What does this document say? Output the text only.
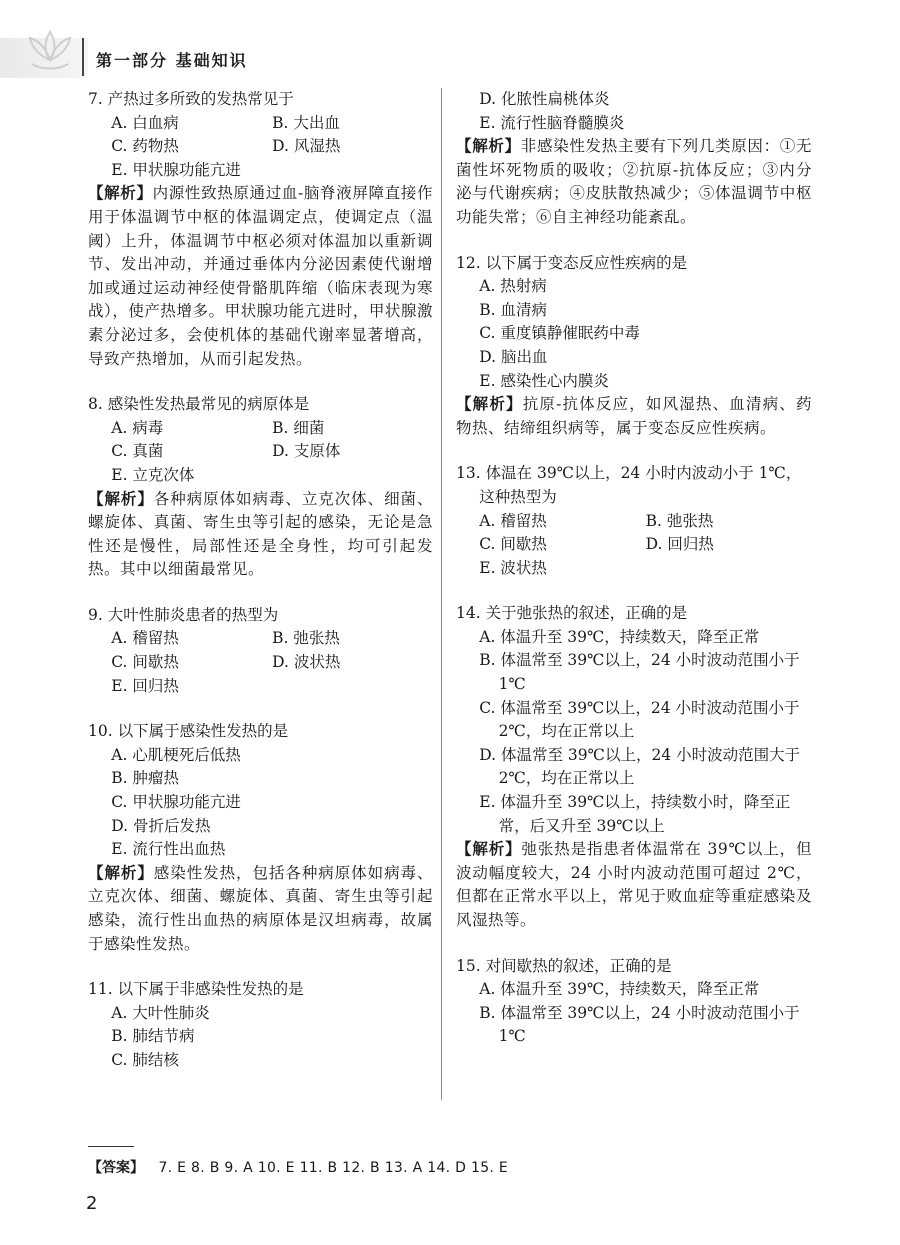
第一部分 基础知识
7. 产热过多所致的发热常见于
A. 白血病	B. 大出血
C. 药物热	D. 风湿热
E. 甲状腺功能亢进
【解析】内源性致热原通过血-脑脊液屏障直接作用于体温调节中枢的体温调定点，使调定点（温阈）上升，体温调节中枢必须对体温加以重新调节、发出冲动，并通过垂体内分泌因素使代谢增加或通过运动神经使骨骼肌阵缩（临床表现为寒战），使产热增多。甲状腺功能亢进时，甲状腺激素分泌过多，会使机体的基础代谢率显著增高，导致产热增加，从而引起发热。
8. 感染性发热最常见的病原体是
A. 病毒	B. 细菌
C. 真菌	D. 支原体
E. 立克次体
【解析】各种病原体如病毒、立克次体、细菌、螺旋体、真菌、寄生虫等引起的感染，无论是急性还是慢性，局部性还是全身性，均可引起发热。其中以细菌最常见。
9. 大叶性肺炎患者的热型为
A. 稽留热	B. 弛张热
C. 间歇热	D. 波状热
E. 回归热
10. 以下属于感染性发热的是
A. 心肌梗死后低热
B. 肿瘤热
C. 甲状腺功能亢进
D. 骨折后发热
E. 流行性出血热
【解析】感染性发热，包括各种病原体如病毒、立克次体、细菌、螺旋体、真菌、寄生虫等引起感染，流行性出血热的病原体是汉坦病毒，故属于感染性发热。
11. 以下属于非感染性发热的是
A. 大叶性肺炎
B. 肺结节病
C. 肺结核
D. 化脓性扁桃体炎
E. 流行性脑脊髓膜炎
【解析】非感染性发热主要有下列几类原因：①无菌性坏死物质的吸收；②抗原-抗体反应；③内分泌与代谢疾病；④皮肤散热减少；⑤体温调节中枢功能失常；⑥自主神经功能紊乱。
12. 以下属于变态反应性疾病的是
A. 热射病
B. 血清病
C. 重度镇静催眠药中毒
D. 脑出血
E. 感染性心内膜炎
【解析】抗原-抗体反应，如风湿热、血清病、药物热、结缔组织病等，属于变态反应性疾病。
13. 体温在 39℃以上，24 小时内波动小于 1℃，这种热型为
A. 稽留热	B. 弛张热
C. 间歇热	D. 回归热
E. 波状热
14. 关于弛张热的叙述，正确的是
A. 体温升至 39℃，持续数天，降至正常
B. 体温常至 39℃以上，24 小时波动范围小于 1℃
C. 体温常至 39℃以上，24 小时波动范围小于 2℃，均在正常以上
D. 体温常至 39℃以上，24 小时波动范围大于 2℃，均在正常以上
E. 体温升至 39℃以上，持续数小时，降至正常，后又升至 39℃以上
【解析】弛张热是指患者体温常在 39℃以上，但波动幅度较大，24 小时内波动范围可超过 2℃，但都在正常水平以上，常见于败血症等重症感染及风湿热等。
15. 对间歇热的叙述，正确的是
A. 体温升至 39℃，持续数天，降至正常
B. 体温常至 39℃以上，24 小时波动范围小于 1℃
【答案】 7. E 8. B 9. A 10. E 11. B 12. B 13. A 14. D 15. E
2
